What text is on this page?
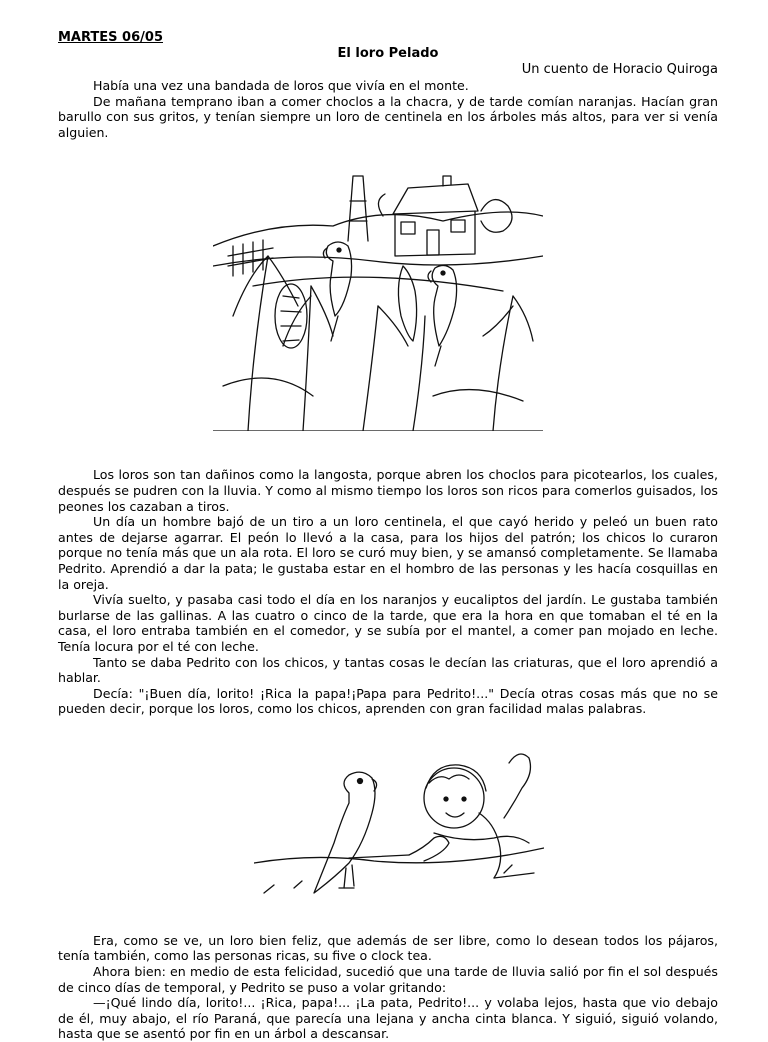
MARTES 06/05
El loro Pelado
Un cuento de Horacio Quiroga

Había una vez una bandada de loros que vivía en el monte.

De mañana temprano iban a comer choclos a la chacra, y de tarde comían naranjas. Hacían gran barullo con sus gritos, y tenían siempre un loro de centinela en los árboles más altos, para ver si venía alguien.

Los loros son tan dañinos como la langosta, porque abren los choclos para picotearlos, los cuales, después se pudren con la lluvia. Y como al mismo tiempo los loros son ricos para comerlos guisados, los peones los cazaban a tiros.

Un día un hombre bajó de un tiro a un loro centinela, el que cayó herido y peleó un buen rato antes de dejarse agarrar. El peón lo llevó a la casa, para los hijos del patrón; los chicos lo curaron porque no tenía más que un ala rota. El loro se curó muy bien, y se amansó completamente. Se llamaba Pedrito. Aprendió a dar la pata; le gustaba estar en el hombro de las personas y les hacía cosquillas en la oreja.

Vivía suelto, y pasaba casi todo el día en los naranjos y eucaliptos del jardín. Le gustaba también burlarse de las gallinas. A las cuatro o cinco de la tarde, que era la hora en que tomaban el té en la casa, el loro entraba también en el comedor, y se subía por el mantel, a comer pan mojado en leche. Tenía locura por el té con leche.

Tanto se daba Pedrito con los chicos, y tantas cosas le decían las criaturas, que el loro aprendió a hablar.

Decía: "¡Buen día, lorito! ¡Rica la papa!¡Papa para Pedrito!..." Decía otras cosas más que no se pueden decir, porque los loros, como los chicos, aprenden con gran facilidad malas palabras.

Era, como se ve, un loro bien feliz, que además de ser libre, como lo desean todos los pájaros, tenía también, como las personas ricas, su five o clock tea.

Ahora bien: en medio de esta felicidad, sucedió que una tarde de lluvia salió por fin el sol después de cinco días de temporal, y Pedrito se puso a volar gritando:

—¡Qué lindo día, lorito!... ¡Rica, papa!... ¡La pata, Pedrito!... y volaba lejos, hasta que vio debajo de él, muy abajo, el río Paraná, que parecía una lejana y ancha cinta blanca. Y siguió, siguió volando, hasta que se asentó por fin en un árbol a descansar.
